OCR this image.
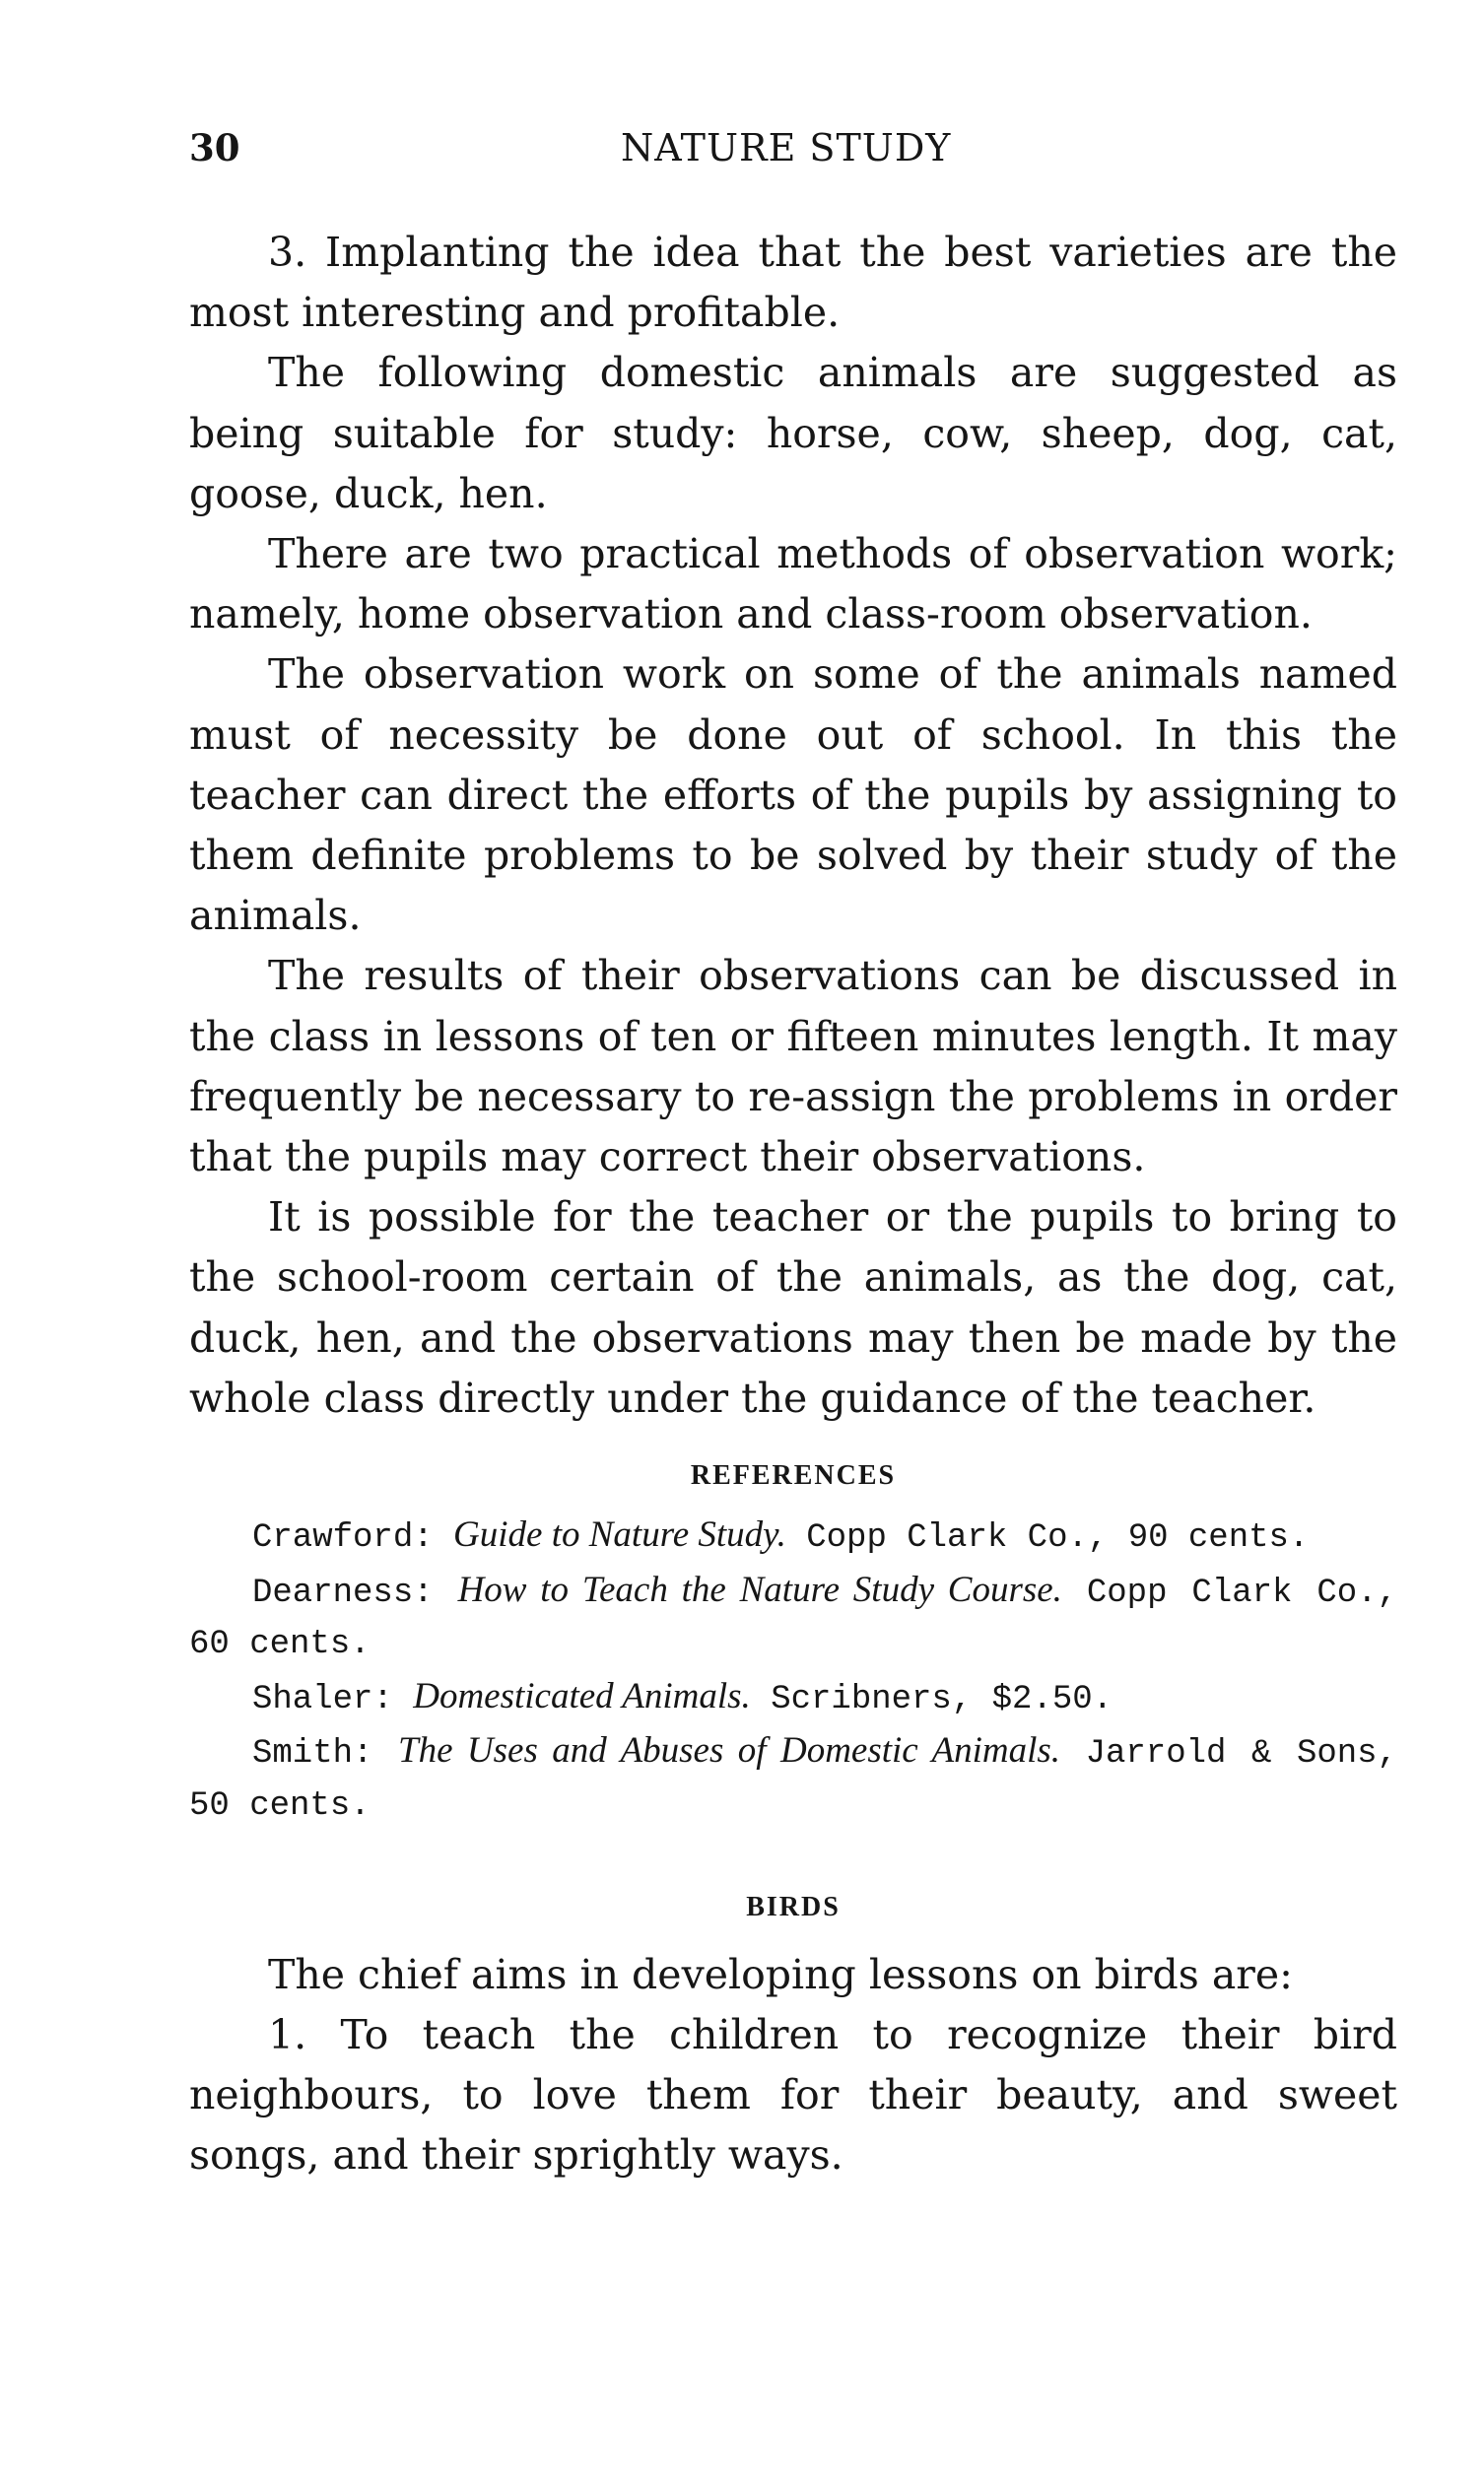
30	NATURE STUDY

3. Implanting the idea that the best varieties are the most interesting and profitable.

The following domestic animals are suggested as being suitable for study: horse, cow, sheep, dog, cat, goose, duck, hen.

There are two practical methods of observation work; namely, home observation and class-room observation.

The observation work on some of the animals named must of necessity be done out of school. In this the teacher can direct the efforts of the pupils by assigning to them definite problems to be solved by their study of the animals.

The results of their observations can be discussed in the class in lessons of ten or fifteen minutes length. It may frequently be necessary to re-assign the problems in order that the pupils may correct their observations.

It is possible for the teacher or the pupils to bring to the school-room certain of the animals, as the dog, cat, duck, hen, and the observations may then be made by the whole class directly under the guidance of the teacher.

REFERENCES

Crawford: Guide to Nature Study. Copp Clark Co., 90 cents.

Dearness: How to Teach the Nature Study Course. Copp Clark Co., 60 cents.

Shaler: Domesticated Animals. Scribners, $2.50.

Smith: The Uses and Abuses of Domestic Animals. Jarrold & Sons, 50 cents.

BIRDS

The chief aims in developing lessons on birds are:

1. To teach the children to recognize their bird neighbours, to love them for their beauty, and sweet songs, and their sprightly ways.
